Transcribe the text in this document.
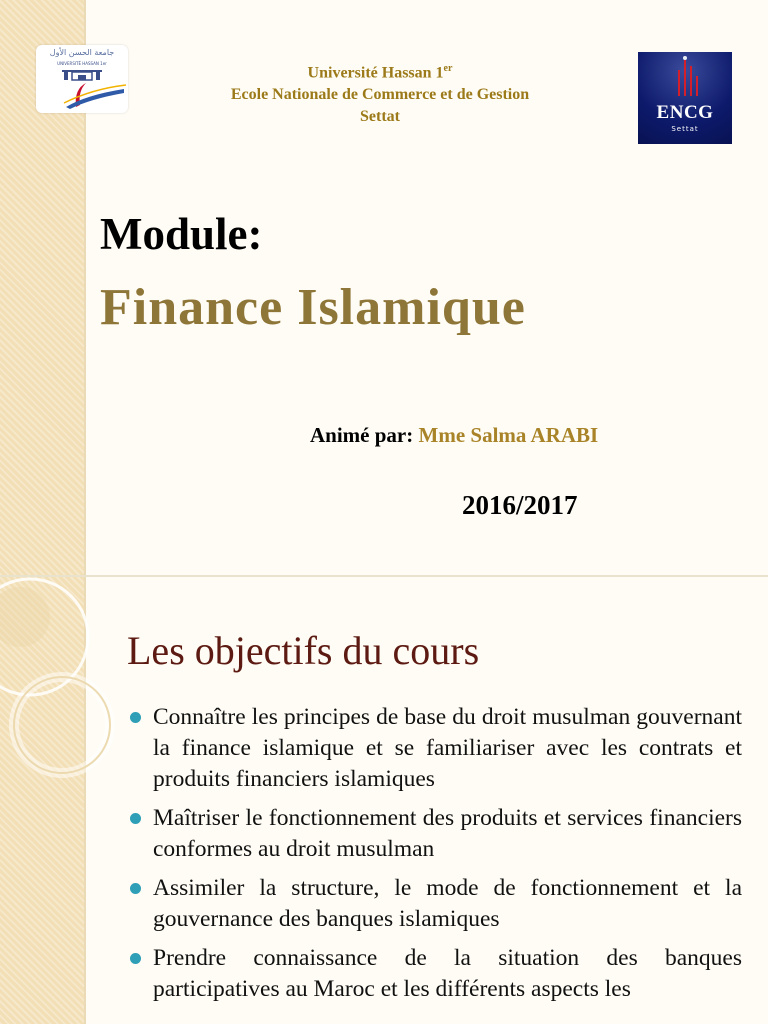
جامعة الحسن الأول
UNIVERSITÉ HASSAN 1er
Université Hassan 1er
Ecole Nationale de Commerce et de Gestion
Settat	ENCG
Settat
Module:
Finance Islamique
Animé par: Mme Salma ARABI
2016/2017
Les objectifs du cours
Connaître les principes de base du droit musulman gouvernant la finance islamique et se familiariser avec les contrats et produits financiers islamiques
Maîtriser le fonctionnement des produits et services financiers conformes au droit musulman
Assimiler la structure, le mode de fonctionnement et la gouvernance des banques islamiques
Prendre connaissance de la situation des banques participatives au Maroc et les différents aspects les
